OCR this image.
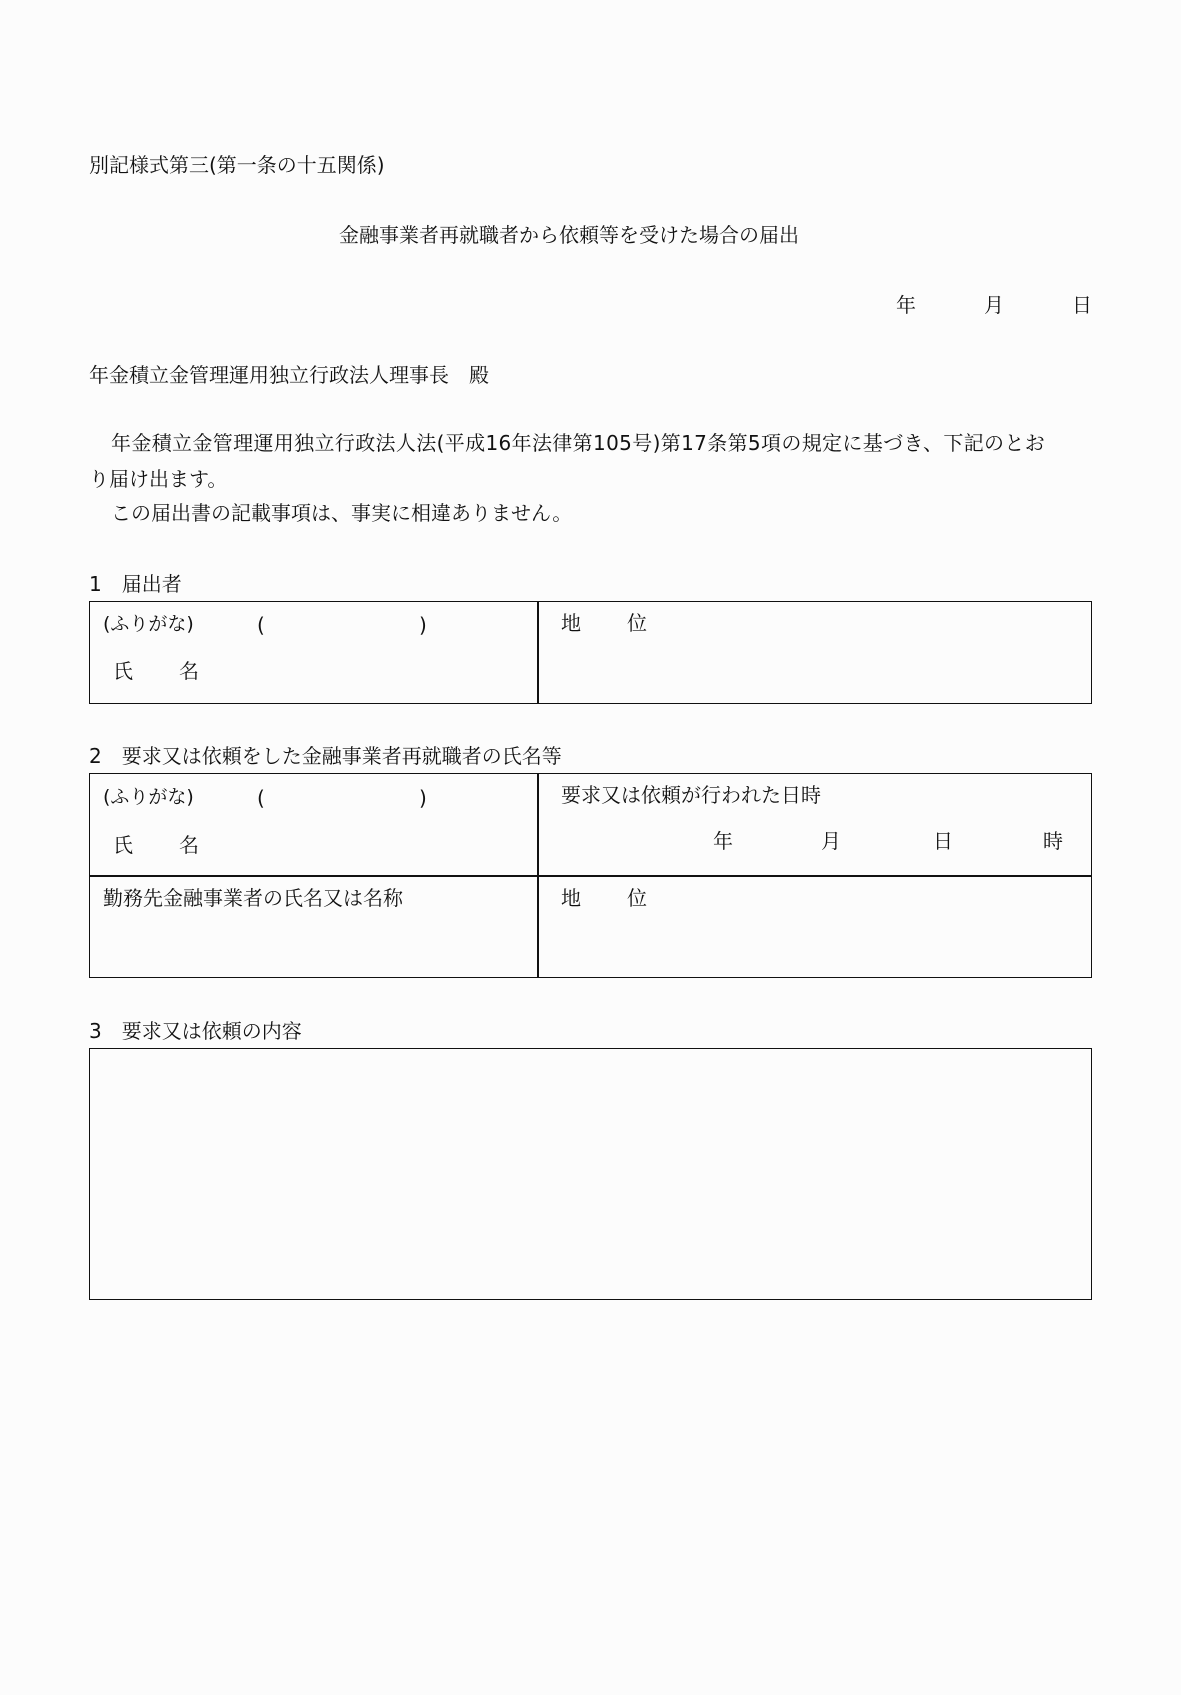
別記様式第三(第一条の十五関係)
金融事業者再就職者から依頼等を受けた場合の届出
年	月	日
年金積立金管理運用独立行政法人理事長　殿
年金積立金管理運用独立行政法人法(平成16年法律第105号)第17条第5項の規定に基づき、下記のとお
り届け出ます。
この届出書の記載事項は、事実に相違ありません。
1　届出者
(ふりがな)	(	)
氏 名
地 位
2　要求又は依頼をした金融事業者再就職者の氏名等
(ふりがな)	(	)
氏 名
要求又は依頼が行われた日時
年	月	日	時
勤務先金融事業者の氏名又は名称	地 位
3　要求又は依頼の内容
